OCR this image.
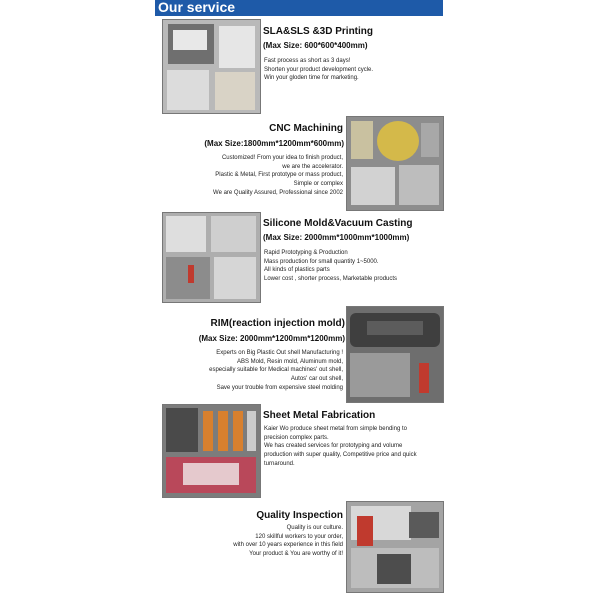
Our service
SLA&SLS &3D Printing
(Max Size: 600*600*400mm)
Fast process as short as 3 days!
Shorten your product development cycle.
Win your gloden time for marketing.
CNC Machining
(Max Size:1800mm*1200mm*600mm)
Customized! From your idea to finish product,
we are the accelerator.
Plastic & Metal, First prototype or mass product,
Simple or complex
We are Quality Assured, Professional since 2002
Silicone Mold&Vacuum Casting
(Max Size: 2000mm*1000mm*1000mm)
Rapid Prototyping & Production
Mass production for small quantity 1~5000.
All kinds of plastics parts
Lower cost , shorter process, Marketable products
RIM(reaction injection mold)
(Max Size: 2000mm*1200mm*1200mm)
Experts on Big Plastic Out shell Manufacturing !
ABS Mold, Resin mold, Aluminum mold,
especially suitable for Medical machines' out shell,
Autos' car out shell,
Save your trouble from expensive steel molding
Sheet Metal Fabrication
Kaier Wo produce sheet metal from simple bending to
precision complex parts.
We has created services for prototyping and volume
production with super quality, Competitive price and quick
turnaround.
Quality Inspection
Quality is our culture.
120 skillful workers to your order,
with over 10 years experience in this field
Your product & You are worthy of it!
